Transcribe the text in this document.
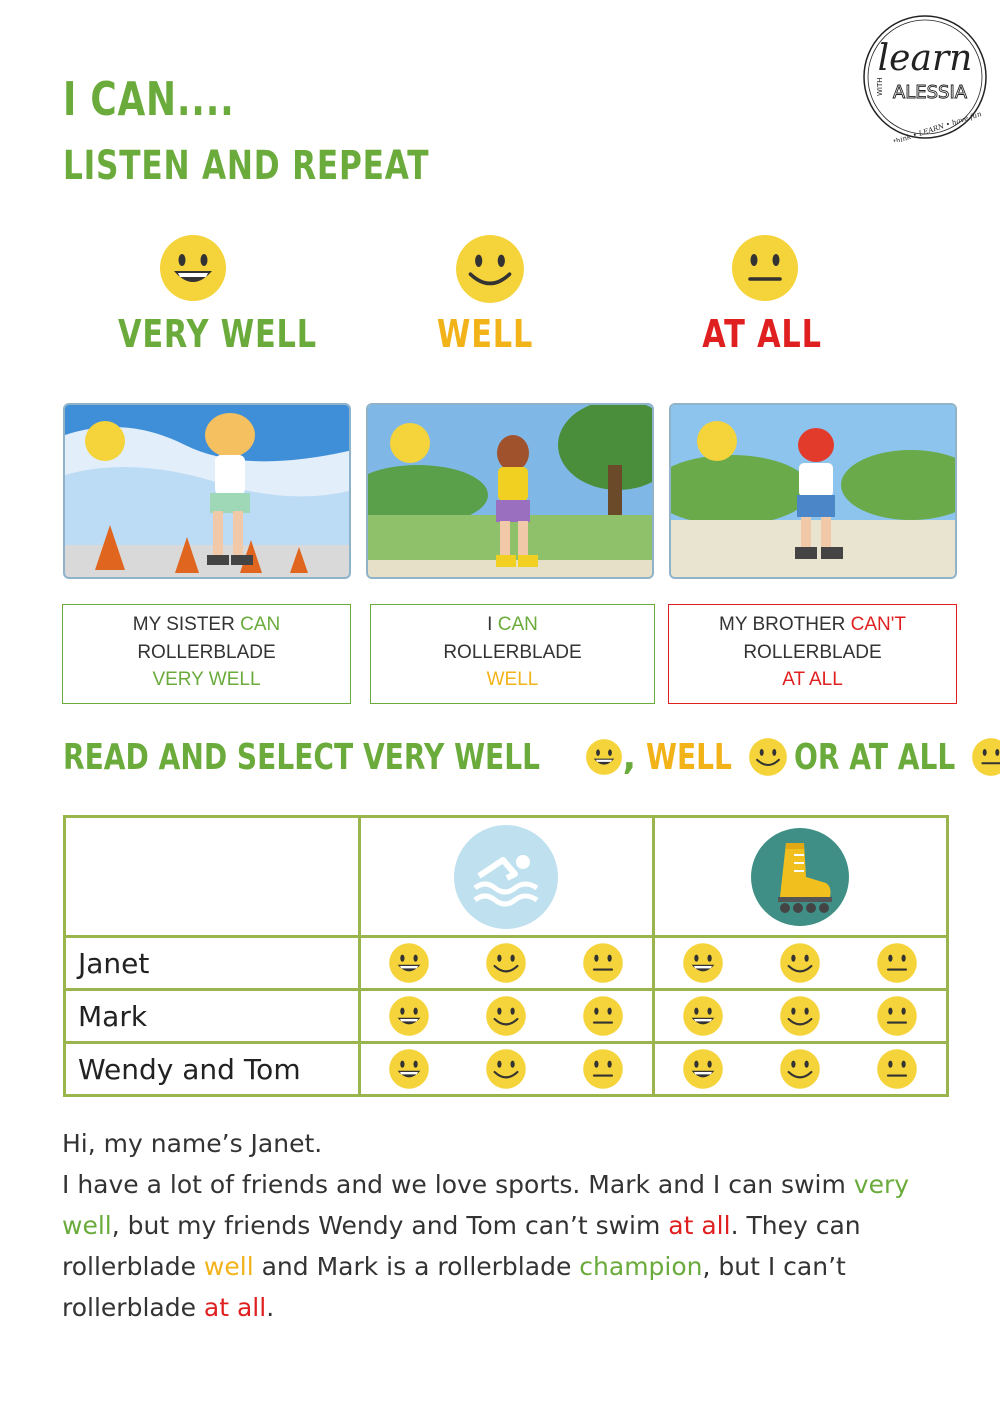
I CAN....
LISTEN AND REPEAT
learn
WITH ALESSIA
think • LEARN • have fun
VERY WELL	WELL	AT ALL
MY SISTER CAN
ROLLERBLADE
VERY WELL
I CAN
ROLLERBLADE
WELL
MY BROTHER CAN'T
ROLLERBLADE
AT ALL
READ AND SELECT VERY WELL , WELL OR AT ALL

Janet	

Mark	

Wendy and Tom	

Hi, my name’s Janet.

I have a lot of friends and we love sports. Mark and I can swim very well, but my friends Wendy and Tom can’t swim at all. They can rollerblade well and Mark is a rollerblade champion, but I can’t rollerblade at all.
